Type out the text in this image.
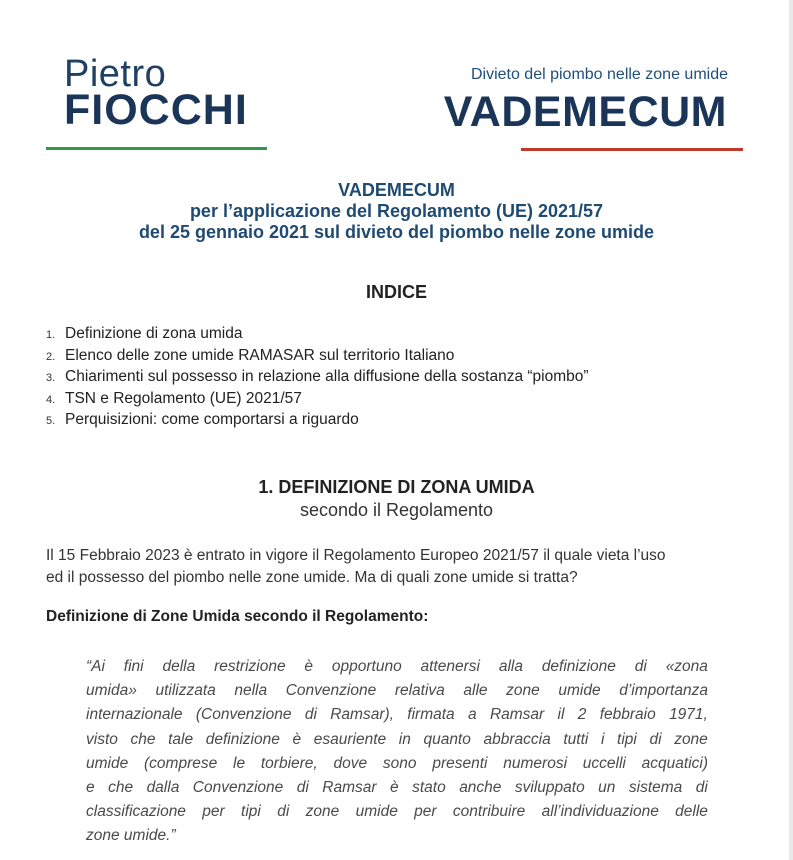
Pietro
FIOCCHI
Divieto del piombo nelle zone umide
VADEMECUM
VADEMECUM
per l’applicazione del Regolamento (UE) 2021/57
del 25 gennaio 2021 sul divieto del piombo nelle zone umide
INDICE
1. Definizione di zona umida
2. Elenco delle zone umide RAMASAR sul territorio Italiano
3. Chiarimenti sul possesso in relazione alla diffusione della sostanza “piombo”
4. TSN e Regolamento (UE) 2021/57
5. Perquisizioni: come comportarsi a riguardo
1. DEFINIZIONE DI ZONA UMIDA
secondo il Regolamento
Il 15 Febbraio 2023 è entrato in vigore il Regolamento Europeo 2021/57 il quale vieta l’uso
ed il possesso del piombo nelle zone umide. Ma di quali zone umide si tratta?
Definizione di Zone Umida secondo il Regolamento:
“Ai fini della restrizione è opportuno attenersi alla definizione di «zona
umida» utilizzata nella Convenzione relativa alle zone umide d’importanza
internazionale (Convenzione di Ramsar), firmata a Ramsar il 2 febbraio 1971,
visto che tale definizione è esauriente in quanto abbraccia tutti i tipi di zone
umide (comprese le torbiere, dove sono presenti numerosi uccelli acquatici)
e che dalla Convenzione di Ramsar è stato anche sviluppato un sistema di
classificazione per tipi di zone umide per contribuire all’individuazione delle
zone umide.”
